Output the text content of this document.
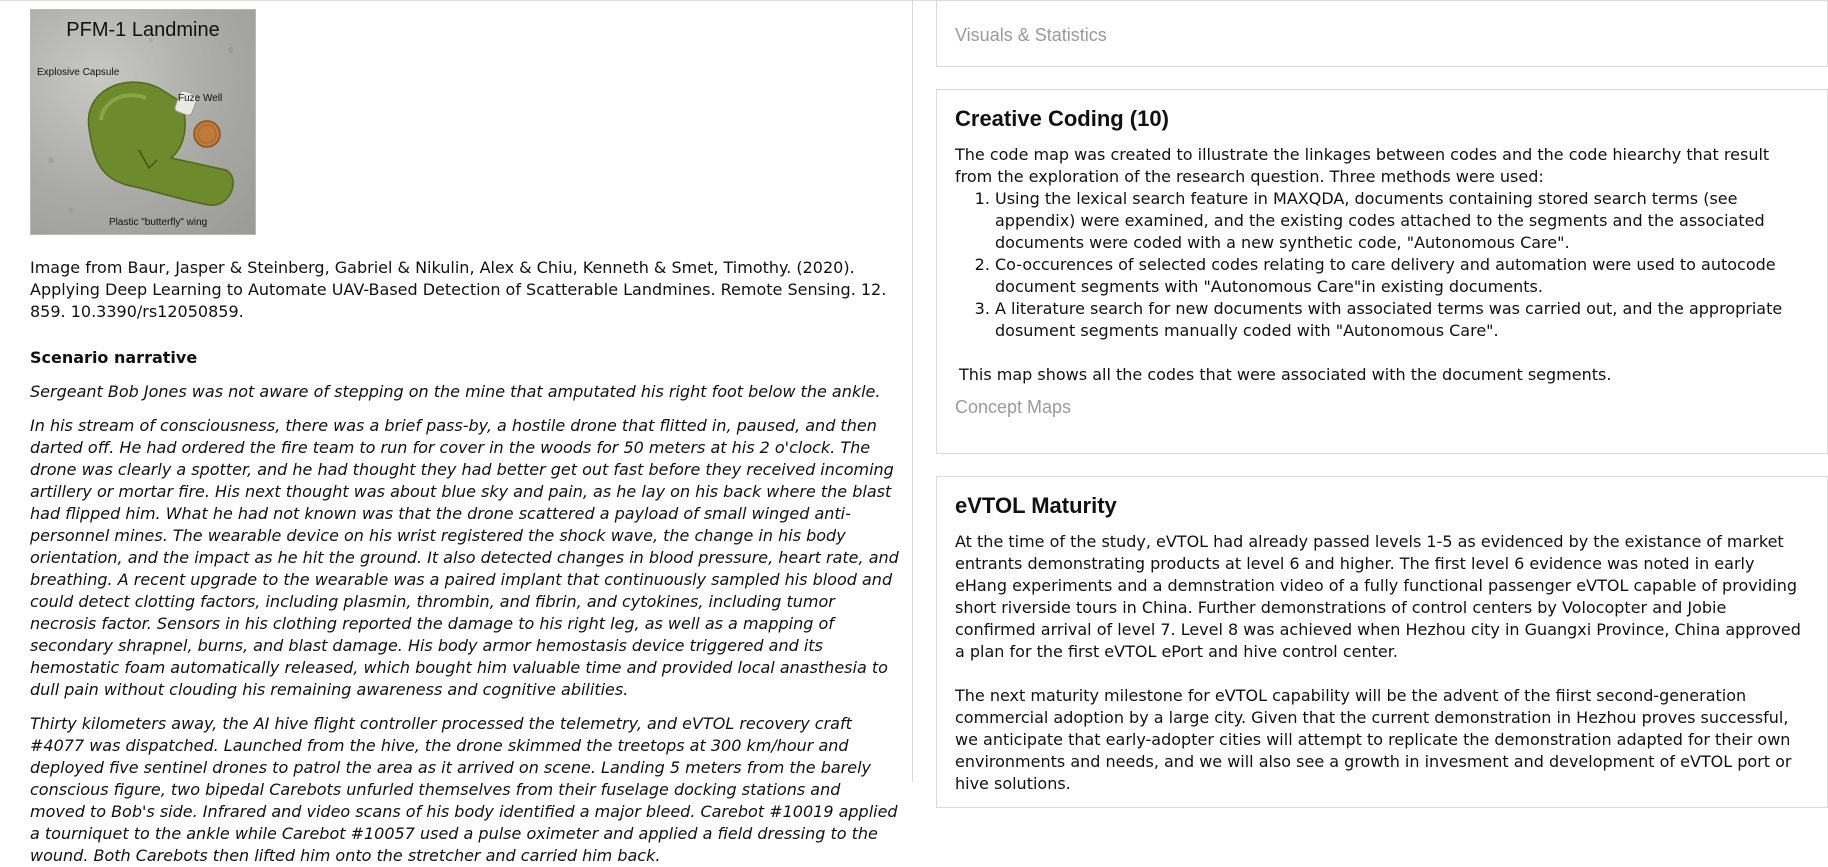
PFM-1 Landmine
Explosive Capsule
Fuze Well
Plastic "butterfly" wing

Image from Baur, Jasper & Steinberg, Gabriel & Nikulin, Alex & Chiu, Kenneth & Smet, Timothy. (2020). Applying Deep Learning to Automate UAV-Based Detection of Scatterable Landmines. Remote Sensing. 12. 859. 10.3390/rs12050859.

Scenario narrative

Sergeant Bob Jones was not aware of stepping on the mine that amputated his right foot below the ankle.

In his stream of consciousness, there was a brief pass-by, a hostile drone that flitted in, paused, and then darted off. He had ordered the fire team to run for cover in the woods for 50 meters at his 2 o'clock. The drone was clearly a spotter, and he had thought they had better get out fast before they received incoming artillery or mortar fire. His next thought was about blue sky and pain, as he lay on his back where the blast had flipped him. What he had not known was that the drone scattered a payload of small winged anti-personnel mines. The wearable device on his wrist registered the shock wave, the change in his body orientation, and the impact as he hit the ground. It also detected changes in blood pressure, heart rate, and breathing. A recent upgrade to the wearable was a paired implant that continuously sampled his blood and could detect clotting factors, including plasmin, thrombin, and fibrin, and cytokines, including tumor necrosis factor. Sensors in his clothing reported the damage to his right leg, as well as a mapping of secondary shrapnel, burns, and blast damage. His body armor hemostasis device triggered and its hemostatic foam automatically released, which bought him valuable time and provided local anasthesia to dull pain without clouding his remaining awareness and cognitive abilities.

Thirty kilometers away, the AI hive flight controller processed the telemetry, and eVTOL recovery craft #4077 was dispatched. Launched from the hive, the drone skimmed the treetops at 300 km/hour and deployed five sentinel drones to patrol the area as it arrived on scene. Landing 5 meters from the barely conscious figure, two bipedal Carebots unfurled themselves from their fuselage docking stations and moved to Bob's side. Infrared and video scans of his body identified a major bleed. Carebot #10019 applied a tourniquet to the ankle while Carebot #10057 used a pulse oximeter and applied a field dressing to the wound. Both Carebots then lifted him onto the stretcher and carried him back.

Visuals & Statistics
Creative Coding (10)

The code map was created to illustrate the linkages between codes and the code hiearchy that result from the exploration of the research question. Three methods were used:

1. Using the lexical search feature in MAXQDA, documents containing stored search terms (see appendix) were examined, and the existing codes attached to the segments and the associated documents were coded with a new synthetic code, "Autonomous Care".
2. Co-occurences of selected codes relating to care delivery and automation were used to autocode document segments with "Autonomous Care"in existing documents.
3. A literature search for new documents with associated terms was carried out, and the appropriate dosument segments manually coded with "Autonomous Care".

This map shows all the codes that were associated with the document segments.

Concept Maps
eVTOL Maturity

At the time of the study, eVTOL had already passed levels 1-5 as evidenced by the existance of market entrants demonstrating products at level 6 and higher. The first level 6 evidence was noted in early eHang experiments and a demnstration video of a fully functional passenger eVTOL capable of providing short riverside tours in China. Further demonstrations of control centers by Volocopter and Jobie confirmed arrival of level 7. Level 8 was achieved when Hezhou city in Guangxi Province, China approved a plan for the first eVTOL ePort and hive control center.

The next maturity milestone for eVTOL capability will be the advent of the fiirst second-generation commercial adoption by a large city. Given that the current demonstration in Hezhou proves successful, we anticipate that early-adopter cities will attempt to replicate the demonstration adapted for their own environments and needs, and we will also see a growth in invesment and development of eVTOL port or hive solutions.
